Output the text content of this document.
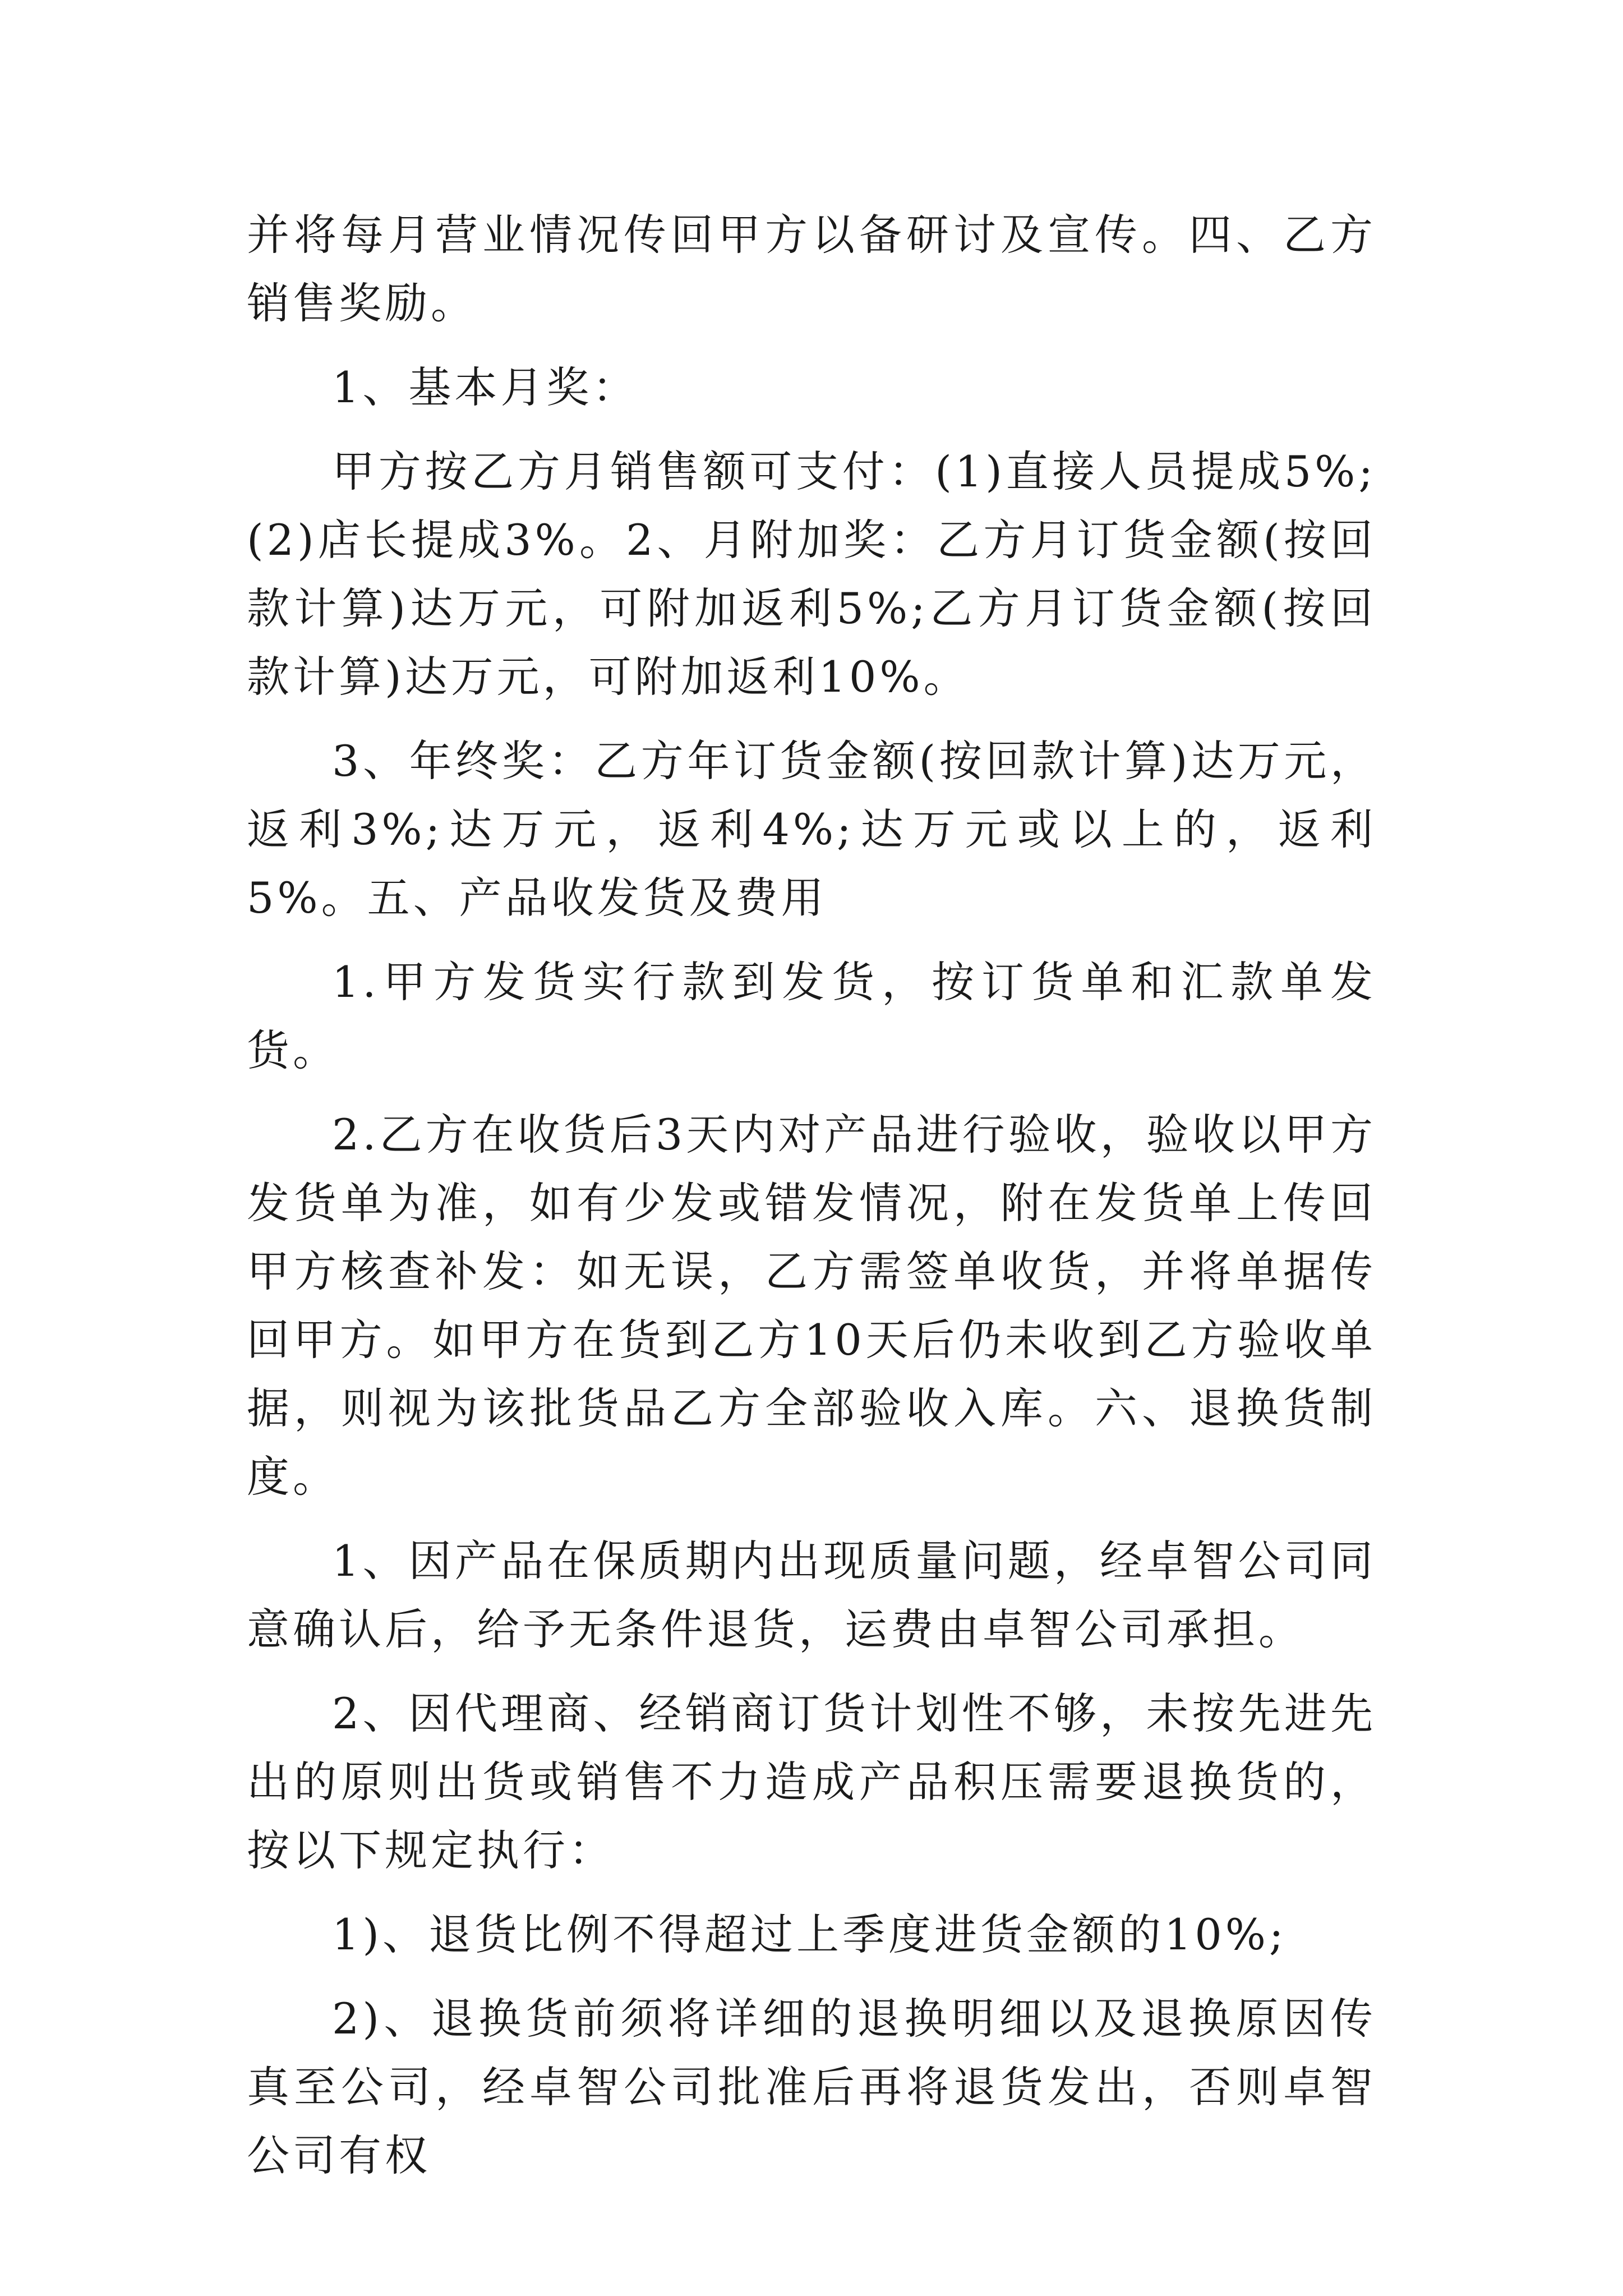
并将每月营业情况传回甲方以备研讨及宣传。四、乙方销售奖励。

1、基本月奖：

甲方按乙方月销售额可支付：(1)直接人员提成5%;(2)店长提成3%。2、月附加奖：乙方月订货金额(按回款计算)达万元，可附加返利5%;乙方月订货金额(按回款计算)达万元，可附加返利10%。

3、年终奖：乙方年订货金额(按回款计算)达万元，返利3%;达万元，返利4%;达万元或以上的，返利5%。五、产品收发货及费用

1.甲方发货实行款到发货，按订货单和汇款单发货。

2.乙方在收货后3天内对产品进行验收，验收以甲方发货单为准，如有少发或错发情况，附在发货单上传回甲方核查补发：如无误，乙方需签单收货，并将单据传回甲方。如甲方在货到乙方10天后仍未收到乙方验收单据，则视为该批货品乙方全部验收入库。六、退换货制度。

1、因产品在保质期内出现质量问题，经卓智公司同意确认后，给予无条件退货，运费由卓智公司承担。

2、因代理商、经销商订货计划性不够，未按先进先出的原则出货或销售不力造成产品积压需要退换货的，按以下规定执行：

1)、退货比例不得超过上季度进货金额的10%;

2)、退换货前须将详细的退换明细以及退换原因传真至公司，经卓智公司批准后再将退货发出，否则卓智公司有权
